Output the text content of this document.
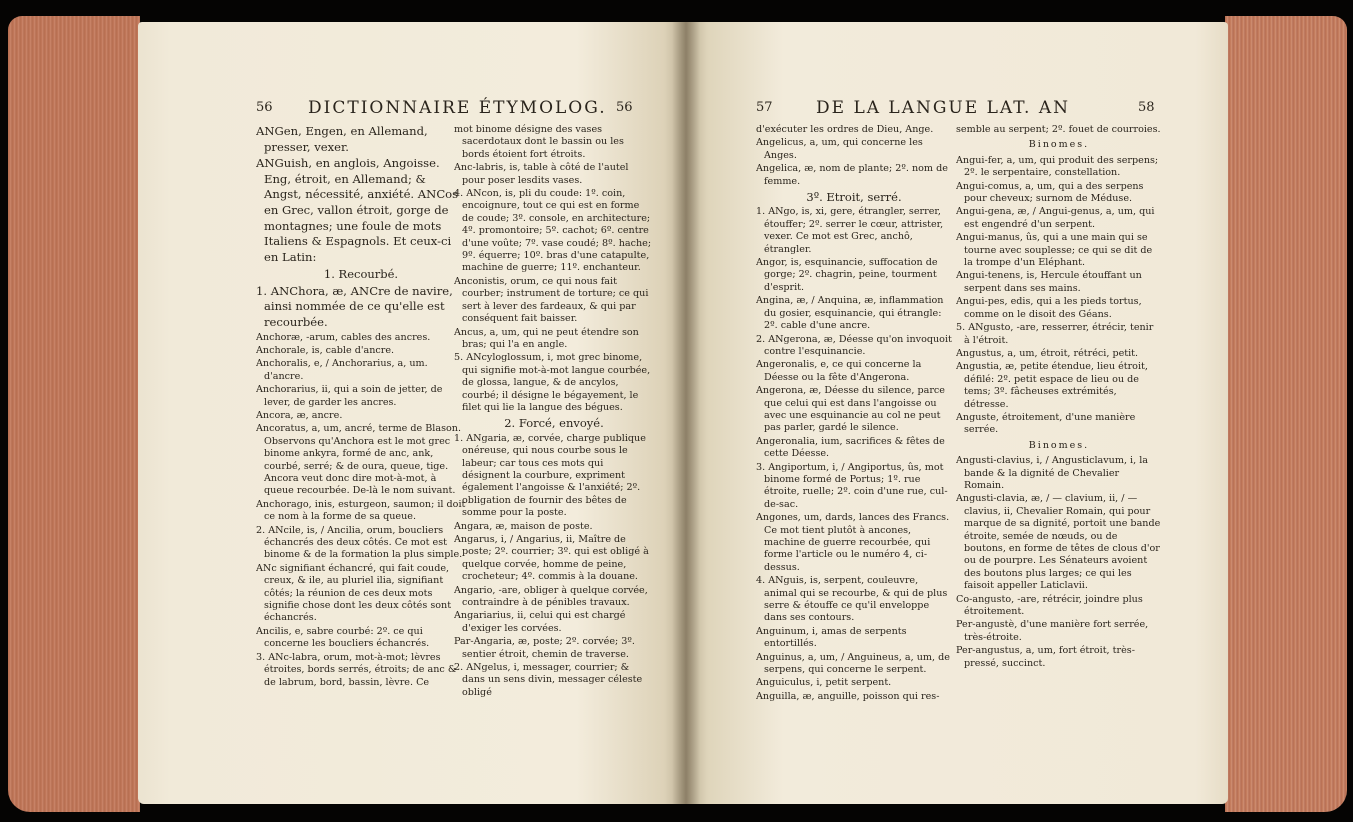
56 DICTIONNAIRE ÉTYMOLOG. 56

ANGen, Engen, en Allemand, presser, vexer.

ANGuish, en anglois, Angoisse. Eng, étroit, en Allemand; & Angst, nécessité, anxiété. ANCos en Grec, vallon étroit, gorge de montagnes; une foule de mots Italiens & Espagnols. Et ceux-ci en Latin:

1. Recourbé.

1. ANChora, æ, ANCre de navire, ainsi nommée de ce qu'elle est recourbée.

Anchoræ, -arum, cables des ancres.

Anchorale, is, cable d'ancre.

Anchoralis, e, / Anchorarius, a, um. d'ancre.

Anchorarius, ii, qui a soin de jetter, de lever, de garder les ancres.

Ancora, æ, ancre.

Ancoratus, a, um, ancré, terme de Blason. Observons qu'Anchora est le mot grec binome ankyra, formé de anc, ank, courbé, serré; & de oura, queue, tige. Ancora veut donc dire mot-à-mot, à queue recourbée. De-là le nom suivant.

Anchorago, inis, esturgeon, saumon; il doit ce nom à la forme de sa queue.

2. ANcile, is, / Ancilia, orum, boucliers échancrés des deux côtés. Ce mot est binome & de la formation la plus simple.

ANc signifiant échancré, qui fait coude, creux, & ile, au pluriel ilia, signifiant côtés; la réunion de ces deux mots signifie chose dont les deux côtés sont échancrés.

Ancilis, e, sabre courbé: 2º. ce qui concerne les boucliers échancrés.

3. ANc-labra, orum, mot-à-mot; lèvres étroites, bords serrés, étroits; de anc & de labrum, bord, bassin, lèvre. Ce

mot binome désigne des vases sacerdotaux dont le bassin ou les bords étoient fort étroits.

Anc-labris, is, table à côté de l'autel pour poser lesdits vases.

4. ANcon, is, pli du coude: 1º. coin, encoignure, tout ce qui est en forme de coude; 3º. console, en architecture; 4º. promontoire; 5º. cachot; 6º. centre d'une voûte; 7º. vase coudé; 8º. hache; 9º. équerre; 10º. bras d'une catapulte, machine de guerre; 11º. enchanteur.

Anconistis, orum, ce qui nous fait courber; instrument de torture; ce qui sert à lever des fardeaux, & qui par conséquent fait baisser.

Ancus, a, um, qui ne peut étendre son bras; qui l'a en angle.

5. ANcyloglossum, i, mot grec binome, qui signifie mot-à-mot langue courbée, de glossa, langue, & de ancylos, courbé; il désigne le bégayement, le filet qui lie la langue des bégues.

2. Forcé, envoyé.

1. ANgaria, æ, corvée, charge publique onéreuse, qui nous courbe sous le labeur; car tous ces mots qui désignent la courbure, expriment également l'angoisse & l'anxiété; 2º. obligation de fournir des bêtes de somme pour la poste.

Angara, æ, maison de poste.

Angarus, i, / Angarius, ii, Maître de poste; 2º. courrier; 3º. qui est obligé à quelque corvée, homme de peine, crocheteur; 4º. commis à la douane.

Angario, -are, obliger à quelque corvée, contraindre à de pénibles travaux.

Angariarius, ii, celui qui est chargé d'exiger les corvées.

Par-Angaria, æ, poste; 2º. corvée; 3º. sentier étroit, chemin de traverse.

2. ANgelus, i, messager, courrier; & dans un sens divin, messager céleste obligé

57	DE LA LANGUE LAT. AN	58

d'exécuter les ordres de Dieu, Ange.

Angelicus, a, um, qui concerne les Anges.

Angelica, æ, nom de plante; 2º. nom de femme.

3º. Etroit, serré.

1. ANgo, is, xi, gere, étrangler, serrer, étouffer; 2º. serrer le cœur, attrister, vexer. Ce mot est Grec, anchô, étrangler.

Angor, is, esquinancie, suffocation de gorge; 2º. chagrin, peine, tourment d'esprit.

Angina, æ, / Anquina, æ, inflammation du gosier, esquinancie, qui étrangle: 2º. cable d'une ancre.

2. ANgerona, æ, Déesse qu'on invoquoit contre l'esquinancie.

Angeronalis, e, ce qui concerne la Déesse ou la fête d'Angerona.

Angerona, æ, Déesse du silence, parce que celui qui est dans l'angoisse ou avec une esquinancie au col ne peut pas parler, gardé le silence.

Angeronalia, ium, sacrifices & fêtes de cette Déesse.

3. Angiportum, i, / Angiportus, ûs, mot binome formé de Portus; 1º. rue étroite, ruelle; 2º. coin d'une rue, cul-de-sac.

Angones, um, dards, lances des Francs. Ce mot tient plutôt à ancones, machine de guerre recourbée, qui forme l'article ou le numéro 4, ci-dessus.

4. ANguis, is, serpent, couleuvre, animal qui se recourbe, & qui de plus serre & étouffe ce qu'il enveloppe dans ses contours.

Anguinum, i, amas de serpents entortillés.

Anguinus, a, um, / Anguineus, a, um, de serpens, qui concerne le serpent.

Anguiculus, i, petit serpent.

Anguilla, æ, anguille, poisson qui res-

semble au serpent; 2º. fouet de courroies.

Binomes.

Angui-fer, a, um, qui produit des serpens; 2º. le serpentaire, constellation.

Angui-comus, a, um, qui a des serpens pour cheveux; surnom de Méduse.

Angui-gena, æ, / Angui-genus, a, um, qui est engendré d'un serpent.

Angui-manus, ûs, qui a une main qui se tourne avec souplesse; ce qui se dit de la trompe d'un Eléphant.

Angui-tenens, is, Hercule étouffant un serpent dans ses mains.

Angui-pes, edis, qui a les pieds tortus, comme on le disoit des Géans.

5. ANgusto, -are, resserrer, étrécir, tenir à l'étroit.

Angustus, a, um, étroit, rétréci, petit.

Angustia, æ, petite étendue, lieu étroit, défilé: 2º. petit espace de lieu ou de tems; 3º. fâcheuses extrémités, détresse.

Anguste, étroitement, d'une manière serrée.

Binomes.

Angusti-clavius, i, / Angusticlavum, i, la bande & la dignité de Chevalier Romain.

Angusti-clavia, æ, / — clavium, ii, / — clavius, ii, Chevalier Romain, qui pour marque de sa dignité, portoit une bande étroite, semée de nœuds, ou de boutons, en forme de têtes de clous d'or ou de pourpre. Les Sénateurs avoient des boutons plus larges; ce qui les faisoit appeller Laticlavii.

Co-angusto, -are, rétrécir, joindre plus étroitement.

Per-angustè, d'une manière fort serrée, très-étroite.

Per-angustus, a, um, fort étroit, très-pressé, succinct.
